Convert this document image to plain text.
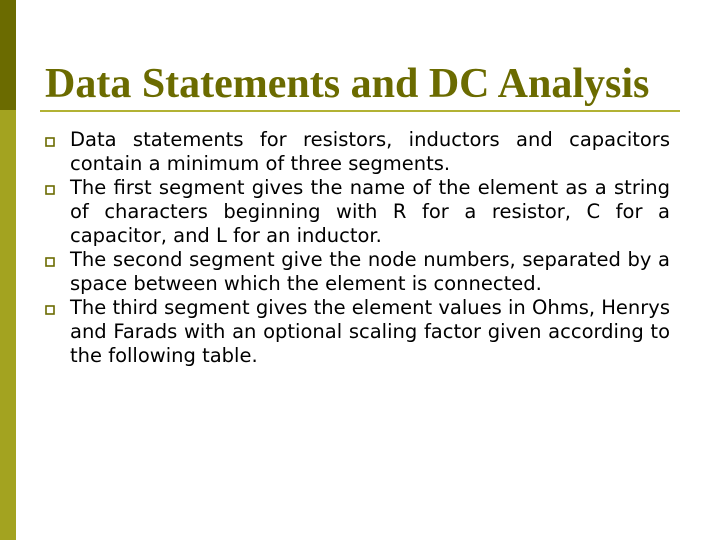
Data Statements and DC Analysis
Data statements for resistors, inductors and capacitors contain a minimum of three segments.
The first segment gives the name of the element as a string of characters beginning with R for a resistor, C for a capacitor, and L for an inductor.
The second segment give the node numbers, separated by a space between which the element is connected.
The third segment gives the element values in Ohms, Henrys and Farads with an optional scaling factor given according to the following table.
